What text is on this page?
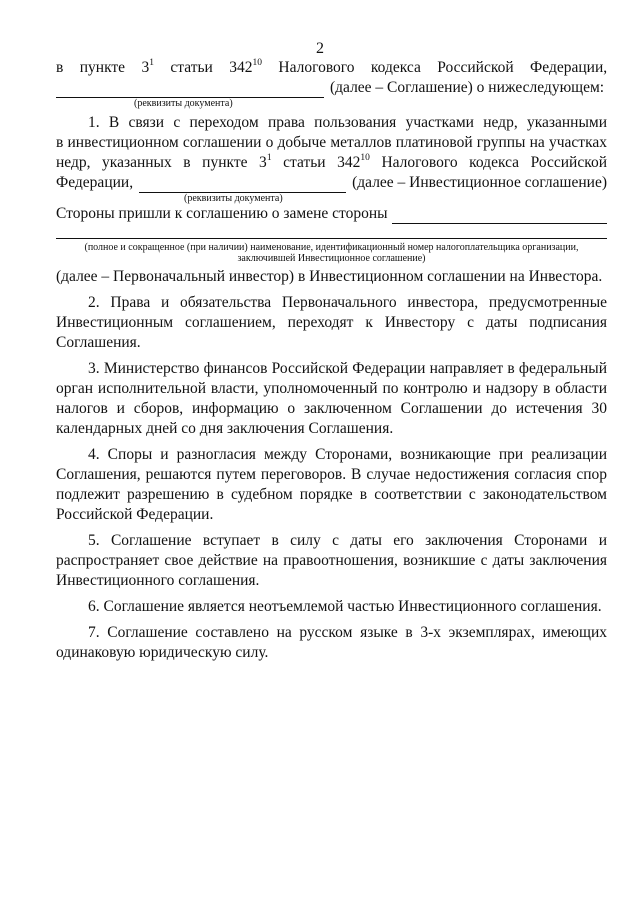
2

в пункте $3^1$ статьи $342^{10}$ Налогового кодекса Российской Федерации,

(далее – Соглашение) о нижеследующем:

(реквизиты документа)

1. В связи с переходом права пользования участками недр, указанными

в инвестиционном соглашении о добыче металлов платиновой группы на участках

недр, указанных в пункте $3^1$ статьи $342^{10}$ Налогового кодекса Российской

Федерации,	(далее – Инвестиционное соглашение)

(реквизиты документа)

Стороны пришли к соглашению о замене стороны

(полное и сокращенное (при наличии) наименование, идентификационный номер налогоплательщика организации,

заключившей Инвестиционное соглашение)

(далее – Первоначальный инвестор) в Инвестиционном соглашении на Инвестора.

2. Права и обязательства Первоначального инвестора, предусмотренные Инвестиционным соглашением, переходят к Инвестору с даты подписания Соглашения.

3. Министерство финансов Российской Федерации направляет в федеральный орган исполнительной власти, уполномоченный по контролю и надзору в области налогов и сборов, информацию о заключенном Соглашении до истечения 30 календарных дней со дня заключения Соглашения.

4. Споры и разногласия между Сторонами, возникающие при реализации Соглашения, решаются путем переговоров. В случае недостижения согласия спор подлежит разрешению в судебном порядке в соответствии с законодательством Российской Федерации.

5. Соглашение вступает в силу с даты его заключения Сторонами и распространяет свое действие на правоотношения, возникшие с даты заключения Инвестиционного соглашения.

6. Соглашение является неотъемлемой частью Инвестиционного соглашения.

7. Соглашение составлено на русском языке в 3-х экземплярах, имеющих одинаковую юридическую силу.
